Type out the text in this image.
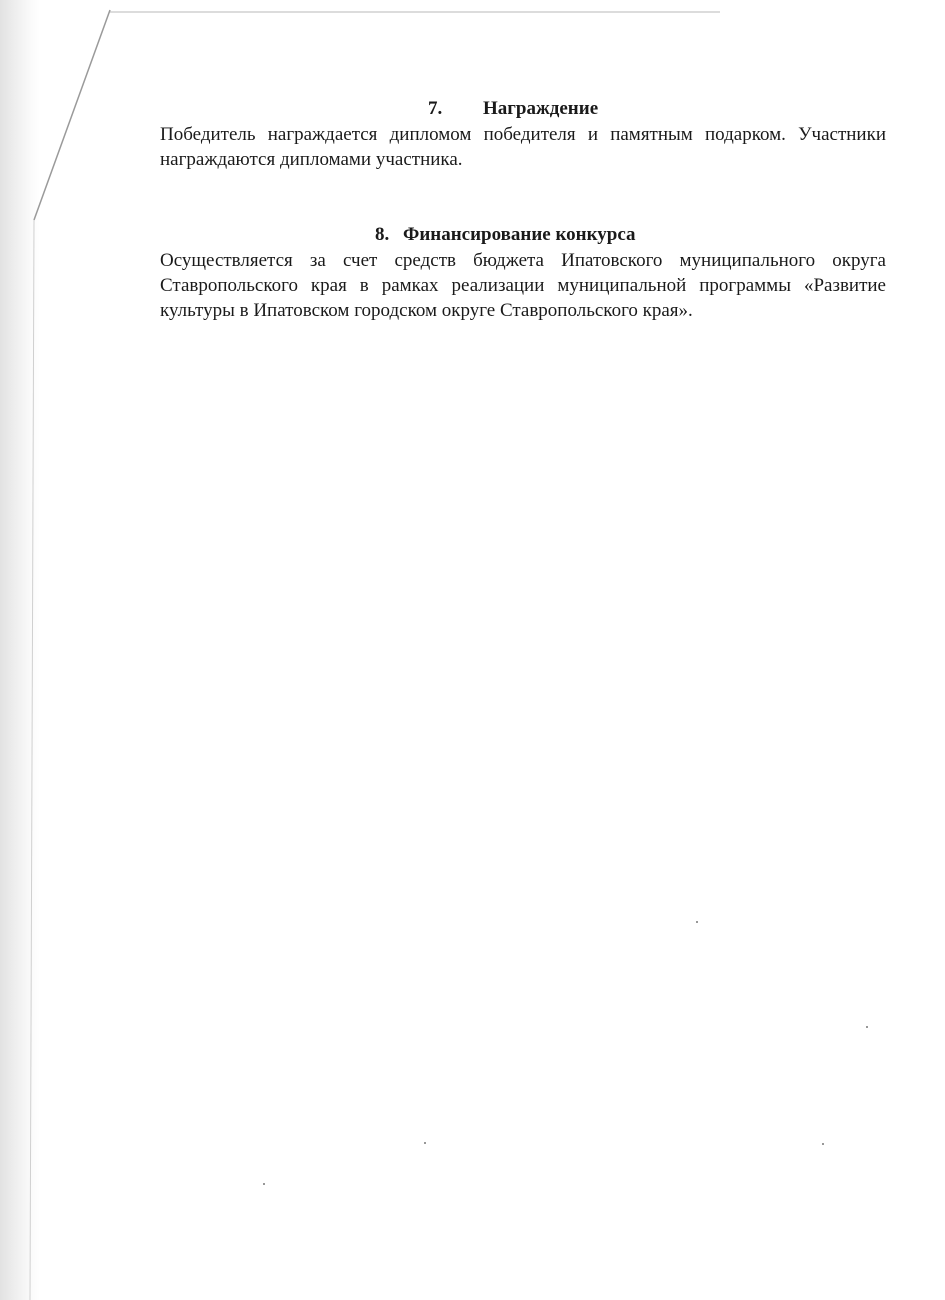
7. Награждение

Победитель награждается дипломом победителя и памятным подарком. Участники награждаются дипломами участника.

8. Финансирование конкурса

Осуществляется за счет средств бюджета Ипатовского муниципального округа Ставропольского края в рамках реализации муниципальной программы «Развитие культуры в Ипатовском городском округе Ставропольского края».
